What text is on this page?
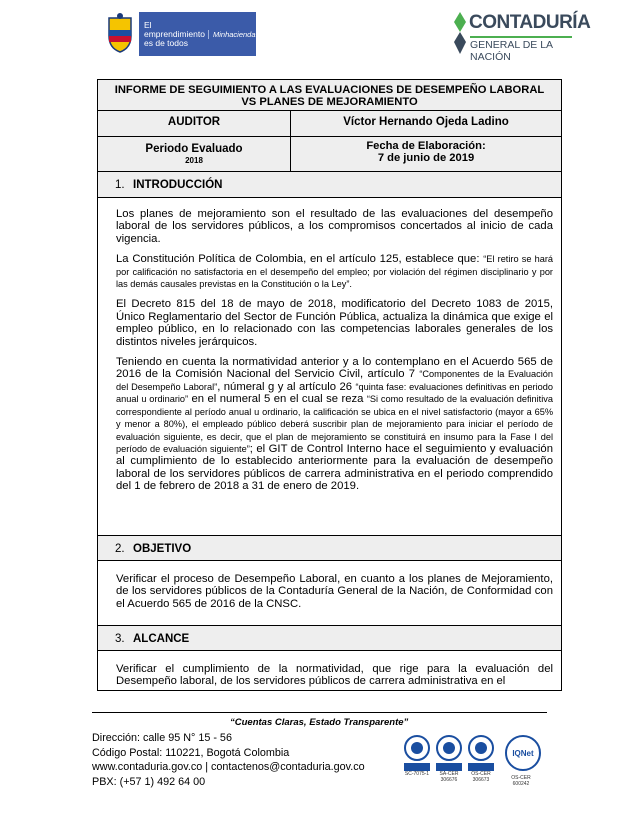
El emprendimiento
es de todos
Minhacienda
CONTADURÍA
GENERAL DE LA NACIÓN
INFORME DE SEGUIMIENTO A LAS EVALUACIONES DE DESEMPEÑO LABORAL
VS PLANES DE MEJORAMIENTO
AUDITOR	Víctor Hernando Ojeda Ladino
Periodo Evaluado
2018
Fecha de Elaboración:
7 de junio de 2019
1. INTRODUCCIÓN

Los planes de mejoramiento son el resultado de las evaluaciones del desempeño laboral de los servidores públicos, a los compromisos concertados al inicio de cada vigencia.

La Constitución Política de Colombia, en el artículo 125, establece que: “El retiro se hará por calificación no satisfactoria en el desempeño del empleo; por violación del régimen disciplinario y por las demás causales previstas en la Constitución o la Ley”.

El Decreto 815 del 18 de mayo de 2018, modificatorio del Decreto 1083 de 2015, Único Reglamentario del Sector de Función Pública, actualiza la dinámica que exige el empleo público, en lo relacionado con las competencias laborales generales de los distintos niveles jerárquicos.

Teniendo en cuenta la normatividad anterior y a lo contemplano en el Acuerdo 565 de 2016 de la Comisión Nacional del Servicio Civil, artículo 7 “Componentes de la Evaluación del Desempeño Laboral”, númeral g y al artículo 26 “quinta fase: evaluaciones definitivas en periodo anual u ordinario” en el numeral 5 en el cual se reza “Si como resultado de la evaluación definitiva correspondiente al período anual u ordinario, la calificación se ubica en el nivel satisfactorio (mayor a 65% y menor a 80%), el empleado público deberá suscribir plan de mejoramiento para iniciar el período de evaluación siguiente, es decir, que el plan de mejoramiento se constituirá en insumo para la Fase I del período de evaluación siguiente”; el GIT de Control Interno hace el seguimiento y evaluación al cumplimiento de lo establecido anteriormente para la evaluación de desempeño laboral de los servidores públicos de carrera administrativa en el periodo comprendido del 1 de febrero de 2018 a 31 de enero de 2019.

2. OBJETIVO

Verificar el proceso de Desempeño Laboral, en cuanto a los planes de Mejoramiento, de los servidores públicos de la Contaduría General de la Nación, de Conformidad con el Acuerdo 565 de 2016 de la CNSC.

3. ALCANCE

Verificar el cumplimiento de la normatividad, que rige para la evaluación del Desempeño laboral, de los servidores públicos de carrera administrativa en el

“Cuentas Claras, Estado Transparente”
Dirección: calle 95 N° 15 - 56
Código Postal: 110221, Bogotá Colombia
www.contaduria.gov.co | contactenos@contaduria.gov.co
PBX: (+57 1) 492 64 00
SC-7075-1	SA-CER 306676
OS-CER 306673
IQNet
OS-CER 600242
